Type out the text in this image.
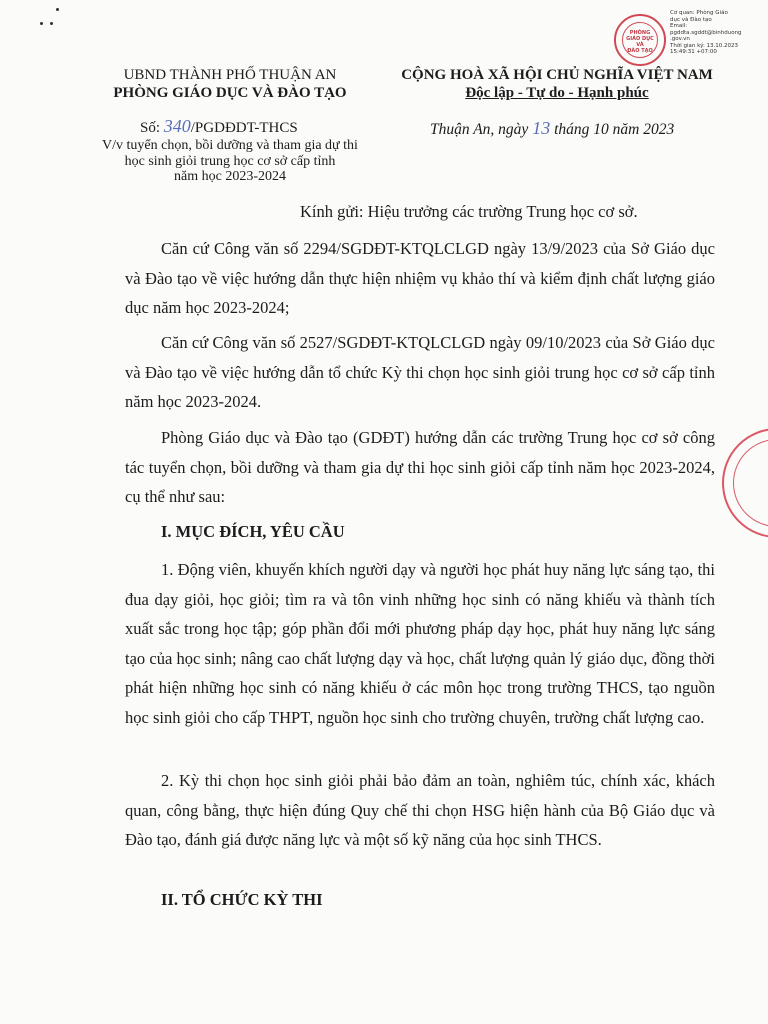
PHÒNG
GIÁO DỤC
VÀ
ĐÀO TẠO
Cơ quan: Phòng Giáo
dục và Đào tạo
Email:
pgddta.sgddt@binhduong
.gov.vn
Thời gian ký: 13.10.2023
15:49:31 +07:00
UBND THÀNH PHỐ THUẬN AN
PHÒNG GIÁO DỤC VÀ ĐÀO TẠO
CỘNG HOÀ XÃ HỘI CHỦ NGHĨA VIỆT NAM
Độc lập - Tự do - Hạnh phúc
Số: 340/PGDĐDT-THCS
V/v tuyển chọn, bồi dưỡng và tham gia dự thi
học sinh giỏi trung học cơ sở cấp tỉnh
năm học 2023-2024
Thuận An, ngày 13 tháng 10 năm 2023
Kính gửi: Hiệu trưởng các trường Trung học cơ sở.
Căn cứ Công văn số 2294/SGDĐT-KTQLCLGD ngày 13/9/2023 của Sở Giáo dục và Đào tạo về việc hướng dẫn thực hiện nhiệm vụ khảo thí và kiểm định chất lượng giáo dục năm học 2023-2024;
Căn cứ Công văn số 2527/SGDĐT-KTQLCLGD ngày 09/10/2023 của Sở Giáo dục và Đào tạo về việc hướng dẫn tổ chức Kỳ thi chọn học sinh giỏi trung học cơ sở cấp tỉnh năm học 2023-2024.
Phòng Giáo dục và Đào tạo (GDĐT) hướng dẫn các trường Trung học cơ sở công tác tuyển chọn, bồi dưỡng và tham gia dự thi học sinh giỏi cấp tỉnh năm học 2023-2024, cụ thể như sau:
I. MỤC ĐÍCH, YÊU CẦU
1. Động viên, khuyến khích người dạy và người học phát huy năng lực sáng tạo, thi đua dạy giỏi, học giỏi; tìm ra và tôn vinh những học sinh có năng khiếu và thành tích xuất sắc trong học tập; góp phần đổi mới phương pháp dạy học, phát huy năng lực sáng tạo của học sinh; nâng cao chất lượng dạy và học, chất lượng quản lý giáo dục, đồng thời phát hiện những học sinh có năng khiếu ở các môn học trong trường THCS, tạo nguồn học sinh giỏi cho cấp THPT, nguồn học sinh cho trường chuyên, trường chất lượng cao.
2. Kỳ thi chọn học sinh giỏi phải bảo đảm an toàn, nghiêm túc, chính xác, khách quan, công bằng, thực hiện đúng Quy chế thi chọn HSG hiện hành của Bộ Giáo dục và Đào tạo, đánh giá được năng lực và một số kỹ năng của học sinh THCS.
II. TỔ CHỨC KỲ THI
